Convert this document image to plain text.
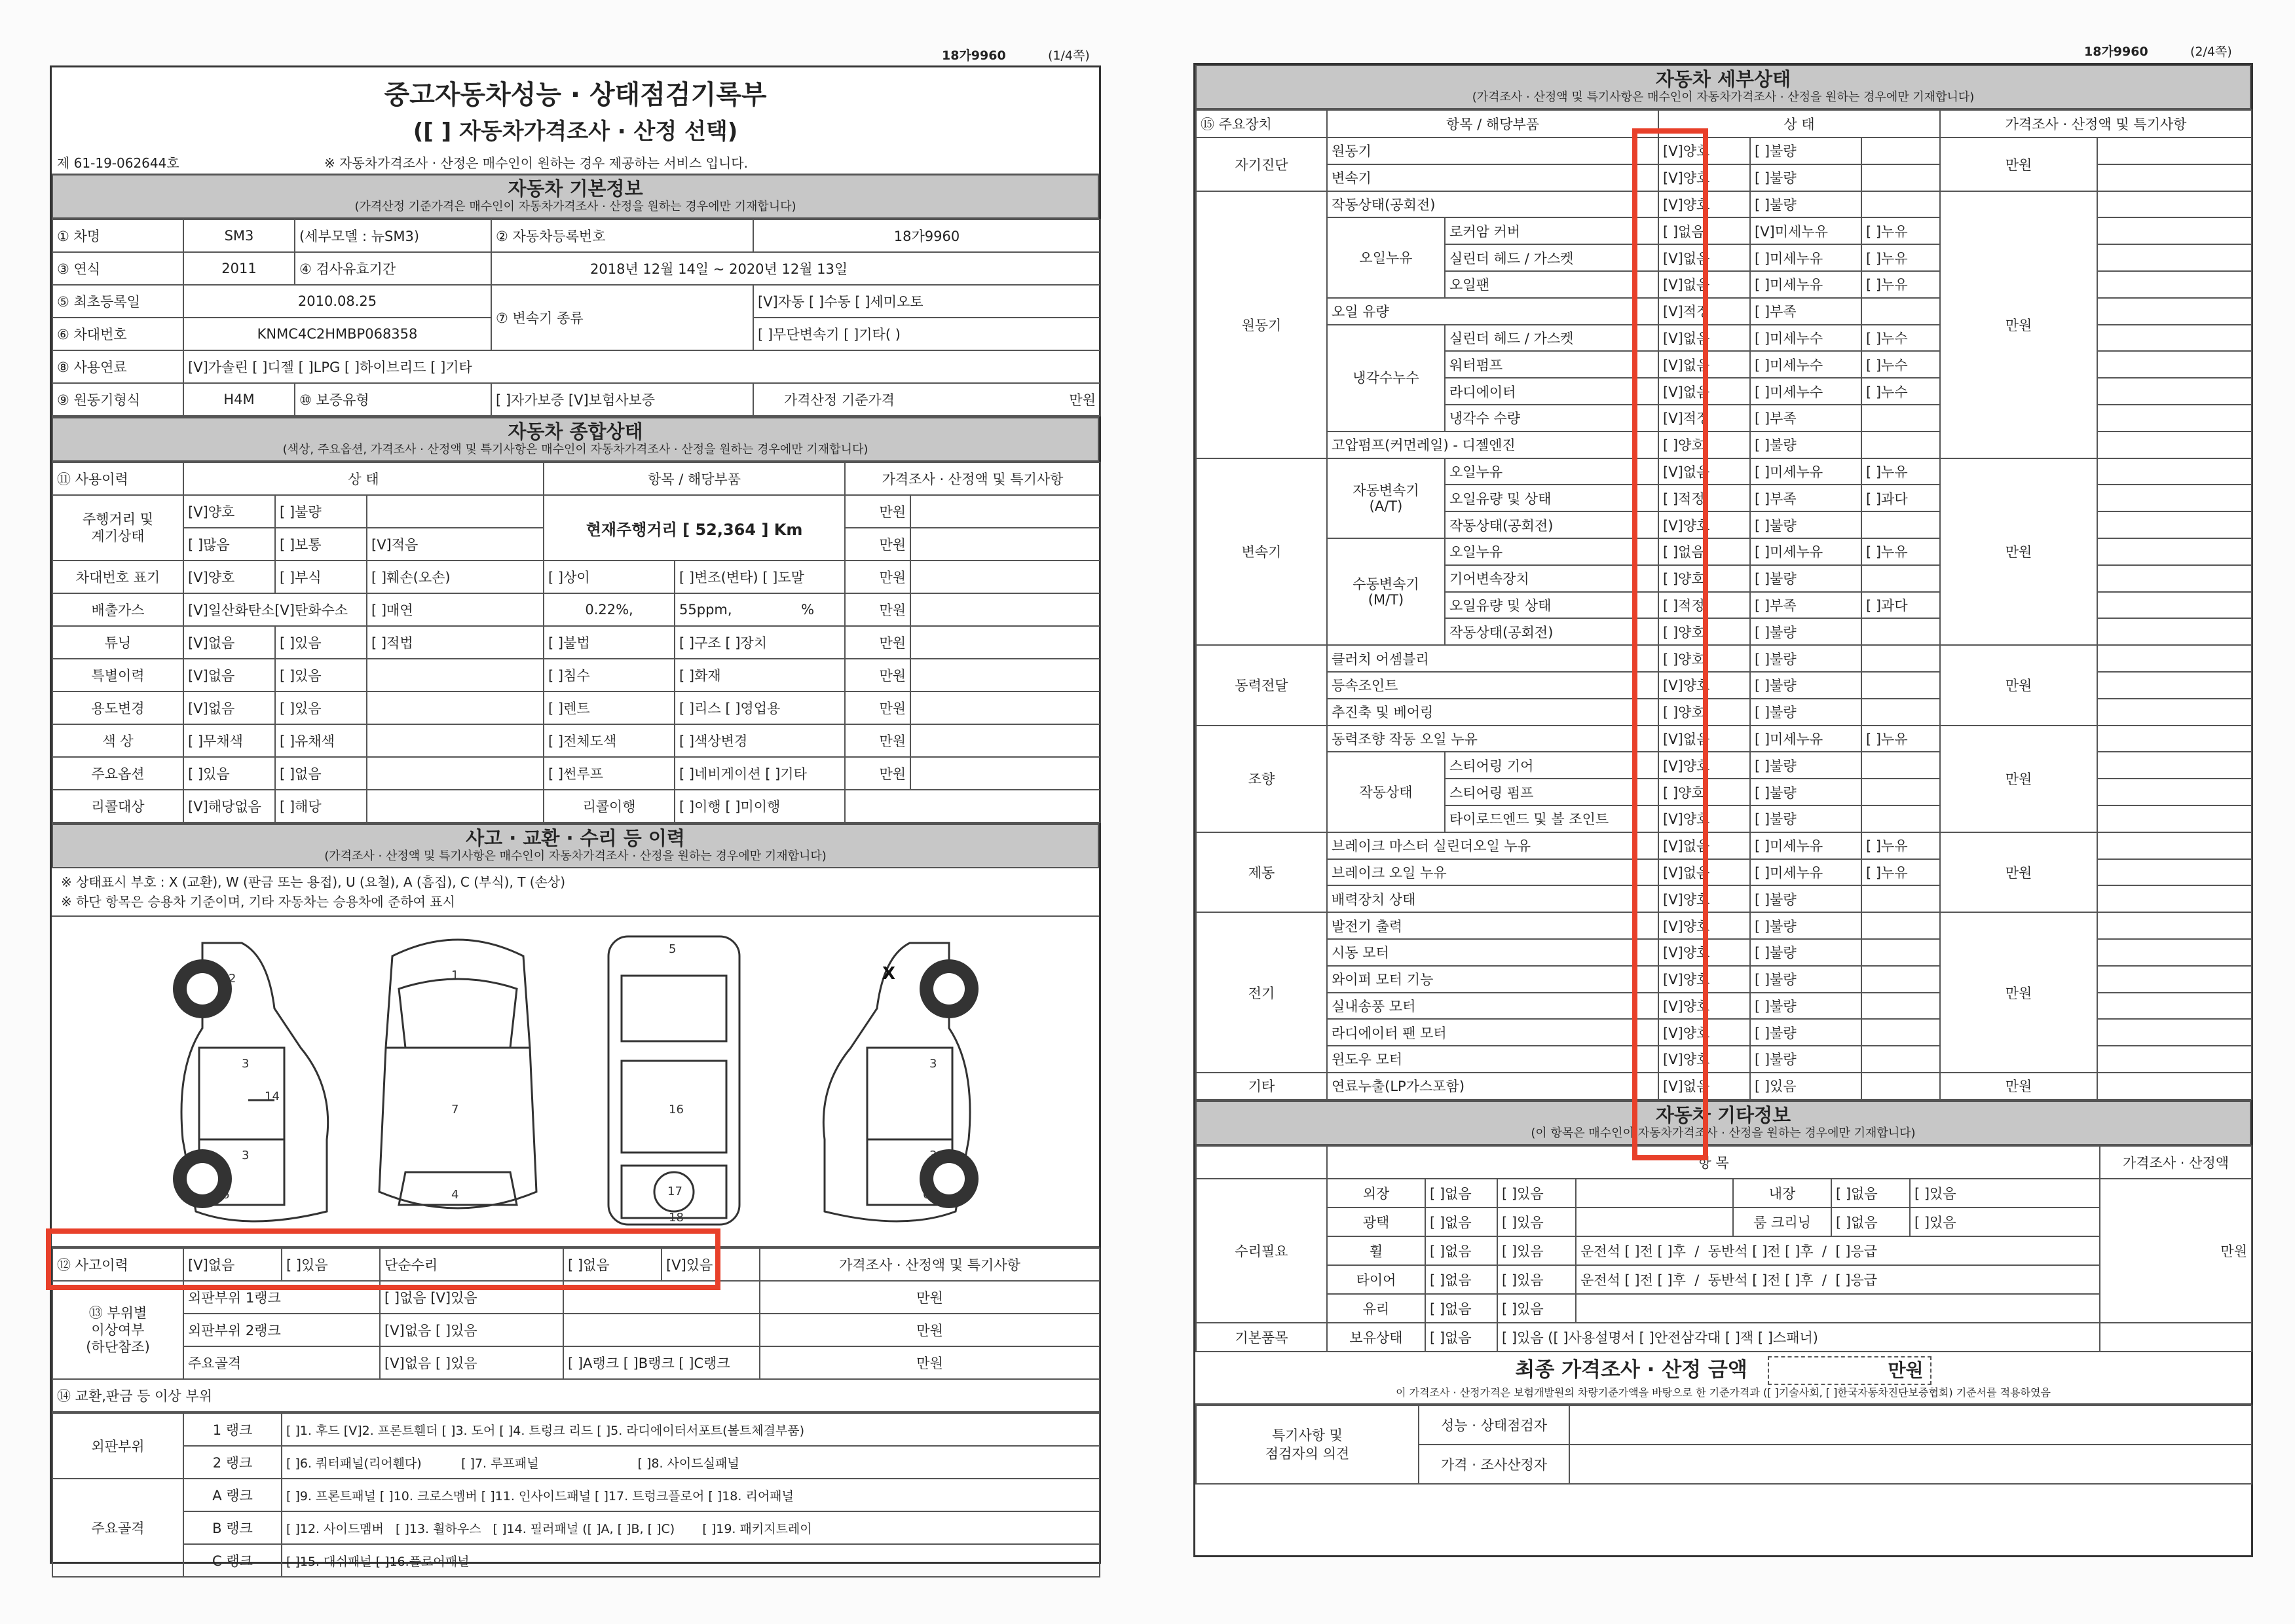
18가9960	(1/4쪽)
중고자동차성능 · 상태점검기록부
([ ] 자동차가격조사 · 산정 선택)
제 61-19-062644호	※ 자동차가격조사 · 산정은 매수인이 원하는 경우 제공하는 서비스 입니다.
자동차 기본정보
(가격산정 기준가격은 매수인이 자동차가격조사 · 산정을 원하는 경우에만 기재합니다)
① 차명	SM3	(세부모델 : 뉴SM3)	② 자동차등록번호	18가9960
③ 연식	2011	④ 검사유효기간	2018년 12월 14일 ~ 2020년 12월 13일	
⑤ 최초등록일	2010.08.25		⑦ 변속기 종류	[V]자동 [ ]수동 [ ]세미오토
⑥ 차대번호	KNMC4C2HMBP068358			[ ]무단변속기 [ ]기타( )
⑧ 사용연료	[V]가솔린 [ ]디젤 [ ]LPG [ ]하이브리드 [ ]기타			
⑨ 원동기형식	H4M	⑩ 보증유형	[ ]자가보증 [V]보험사보증	가격산정 기준가격 만원
자동차 종합상태
(색상, 주요옵션, 가격조사 · 산정액 및 특기사항은 매수인이 자동차가격조사 · 산정을 원하는 경우에만 기재합니다)
⑪ 사용이력	상 태			항목 / 해당부품		가격조사 · 산정액 및 특기사항	
주행거리 및
계기상태	[V]양호	[ ]불량		현재주행거리 [ 52,364 ] Km		만원	
	[ ]많음	[ ]보통	[V]적음			만원	
차대번호 표기	[V]양호	[ ]부식	[ ]훼손(오손)	[ ]상이	[ ]변조(변타) [ ]도말	만원	
배출가스	[V]일산화탄소[V]탄화수소		[ ]매연	0.22%,	55ppm, %	만원	
튜닝	[V]없음	[ ]있음	[ ]적법	[ ]불법	[ ]구조 [ ]장치	만원	
특별이력	[V]없음	[ ]있음		[ ]침수	[ ]화재	만원	
용도변경	[V]없음	[ ]있음		[ ]렌트	[ ]리스 [ ]영업용	만원	
색 상	[ ]무채색	[ ]유채색		[ ]전체도색	[ ]색상변경	만원	
주요옵션	[ ]있음	[ ]없음		[ ]썬루프	[ ]네비게이션 [ ]기타	만원	
리콜대상	[V]해당없음	[ ]해당		리콜이행	[ ]이행 [ ]미이행		
사고 · 교환 · 수리 등 이력
(가격조사 · 산정액 및 특기사항은 매수인이 자동차가격조사 · 산정을 원하는 경우에만 기재합니다)
※ 상태표시 부호 : X (교환), W (판금 또는 용접), U (요철), A (흠집), C (부식), T (손상)
※ 하단 항목은 승용차 기준이며, 기타 자동차는 승용차에 준하여 표시
2
3
3
14
6
1
7
4
5
16
17
18
3
3
6
X
⑫ 사고이력	[V]없음	[ ]있음	단순수리	[ ]없음	[V]있음	가격조사 · 산정액 및 특기사항
⑬ 부위별
이상여부
(하단참조)	외판부위 1랭크		[ ]없음 [V]있음			만원
	외판부위 2랭크		[V]없음 [ ]있음			만원
	주요골격		[V]없음 [ ]있음	[ ]A랭크 [ ]B랭크 [ ]C랭크		만원
⑭ 교환,판금 등 이상 부위						
외판부위	1 랭크	[ ]1. 후드 [V]2. 프론트휀더 [ ]3. 도어 [ ]4. 트렁크 리드 [ ]5. 라디에이터서포트(볼트체결부품)
	2 랭크	[ ]6. 쿼터패널(리어휀다)          [ ]7. 루프패널                         [ ]8. 사이드실패널
주요골격	A 랭크	[ ]9. 프론트패널 [ ]10. 크로스멤버 [ ]11. 인사이드패널 [ ]17. 트렁크플로어 [ ]18. 리어패널
	B 랭크	[ ]12. 사이드멤버   [ ]13. 휠하우스   [ ]14. 필러패널 ([ ]A, [ ]B, [ ]C)       [ ]19. 패키지트레이
	C 랭크	[ ]15. 대쉬패널 [ ]16.플로어패널
18가9960	(2/4쪽)
자동차 세부상태
(가격조사 · 산정액 및 특기사항은 매수인이 자동차가격조사 · 산정을 원하는 경우에만 기재합니다)
⑮ 주요장치	항목 / 해당부품		상 태			가격조사 · 산정액 및 특기사항	
자기진단	원동기		[V]양호	[ ]불량		만원	
	변속기		[V]양호	[ ]불량			
원동기	작동상태(공회전)		[V]양호	[ ]불량		만원	
	오일누유	로커암 커버	[ ]없음	[V]미세누유	[ ]누유		
		실린더 헤드 / 가스켓	[V]없음	[ ]미세누유	[ ]누유		
		오일팬	[V]없음	[ ]미세누유	[ ]누유		
	오일 유량		[V]적정	[ ]부족			
	냉각수누수	실린더 헤드 / 가스켓	[V]없음	[ ]미세누수	[ ]누수		
		워터펌프	[V]없음	[ ]미세누수	[ ]누수		
		라디에이터	[V]없음	[ ]미세누수	[ ]누수		
		냉각수 수량	[V]적정	[ ]부족			
	고압펌프(커먼레일) - 디젤엔진		[ ]양호	[ ]불량			
변속기	자동변속기
(A/T)	오일누유	[V]없음	[ ]미세누유	[ ]누유	만원	
		오일유량 및 상태	[ ]적정	[ ]부족	[ ]과다		
		작동상태(공회전)	[V]양호	[ ]불량			
	수동변속기
(M/T)	오일누유	[ ]없음	[ ]미세누유	[ ]누유		
		기어변속장치	[ ]양호	[ ]불량			
		오일유량 및 상태	[ ]적정	[ ]부족	[ ]과다		
		작동상태(공회전)	[ ]양호	[ ]불량			
동력전달	클러치 어셈블리		[ ]양호	[ ]불량		만원	
	등속조인트		[V]양호	[ ]불량			
	추진축 및 베어링		[ ]양호	[ ]불량			
조향	동력조향 작동 오일 누유		[V]없음	[ ]미세누유	[ ]누유	만원	
	작동상태	스티어링 기어	[V]양호	[ ]불량			
		스티어링 펌프	[ ]양호	[ ]불량			
		타이로드엔드 및 볼 조인트	[V]양호	[ ]불량			
제동	브레이크 마스터 실린더오일 누유		[V]없음	[ ]미세누유	[ ]누유	만원	
	브레이크 오일 누유		[V]없음	[ ]미세누유	[ ]누유		
	배력장치 상태		[V]양호	[ ]불량			
전기	발전기 출력		[V]양호	[ ]불량		만원	
	시동 모터		[V]양호	[ ]불량			
	와이퍼 모터 기능		[V]양호	[ ]불량			
	실내송풍 모터		[V]양호	[ ]불량			
	라디에이터 팬 모터		[V]양호	[ ]불량			
	윈도우 모터		[V]양호	[ ]불량			
기타	연료누출(LP가스포함)		[V]없음	[ ]있음		만원	
자동차 기타정보
(이 항목은 매수인이 자동차가격조사 · 산정을 원하는 경우에만 기재합니다)
	항 목							가격조사 · 산정액
수리필요	외장	[ ]없음	[ ]있음		내장	[ ]없음	[ ]있음	만원
	광택	[ ]없음	[ ]있음		룸 크리닝	[ ]없음	[ ]있음	
	휠	[ ]없음	[ ]있음	운전석 [ ]전 [ ]후  /  동반석 [ ]전 [ ]후  /  [ ]응급				
	타이어	[ ]없음	[ ]있음	운전석 [ ]전 [ ]후  /  동반석 [ ]전 [ ]후  /  [ ]응급				
	유리	[ ]없음	[ ]있음					
기본품목	보유상태	[ ]없음	[ ]있음 ([ ]사용설명서 [ ]안전삼각대 [ ]잭 [ ]스패너)					
최종 가격조사 · 산정 금액	만원
이 가격조사 · 산정가격은 보험개발원의 차량기준가액을 바탕으로 한 기준가격과 ([ ]기술사회, [ ]한국자동차진단보증협회) 기준서를 적용하였음
특기사항 및
점검자의 의견	성능 · 상태점검자	
	가격 · 조사산정자	
